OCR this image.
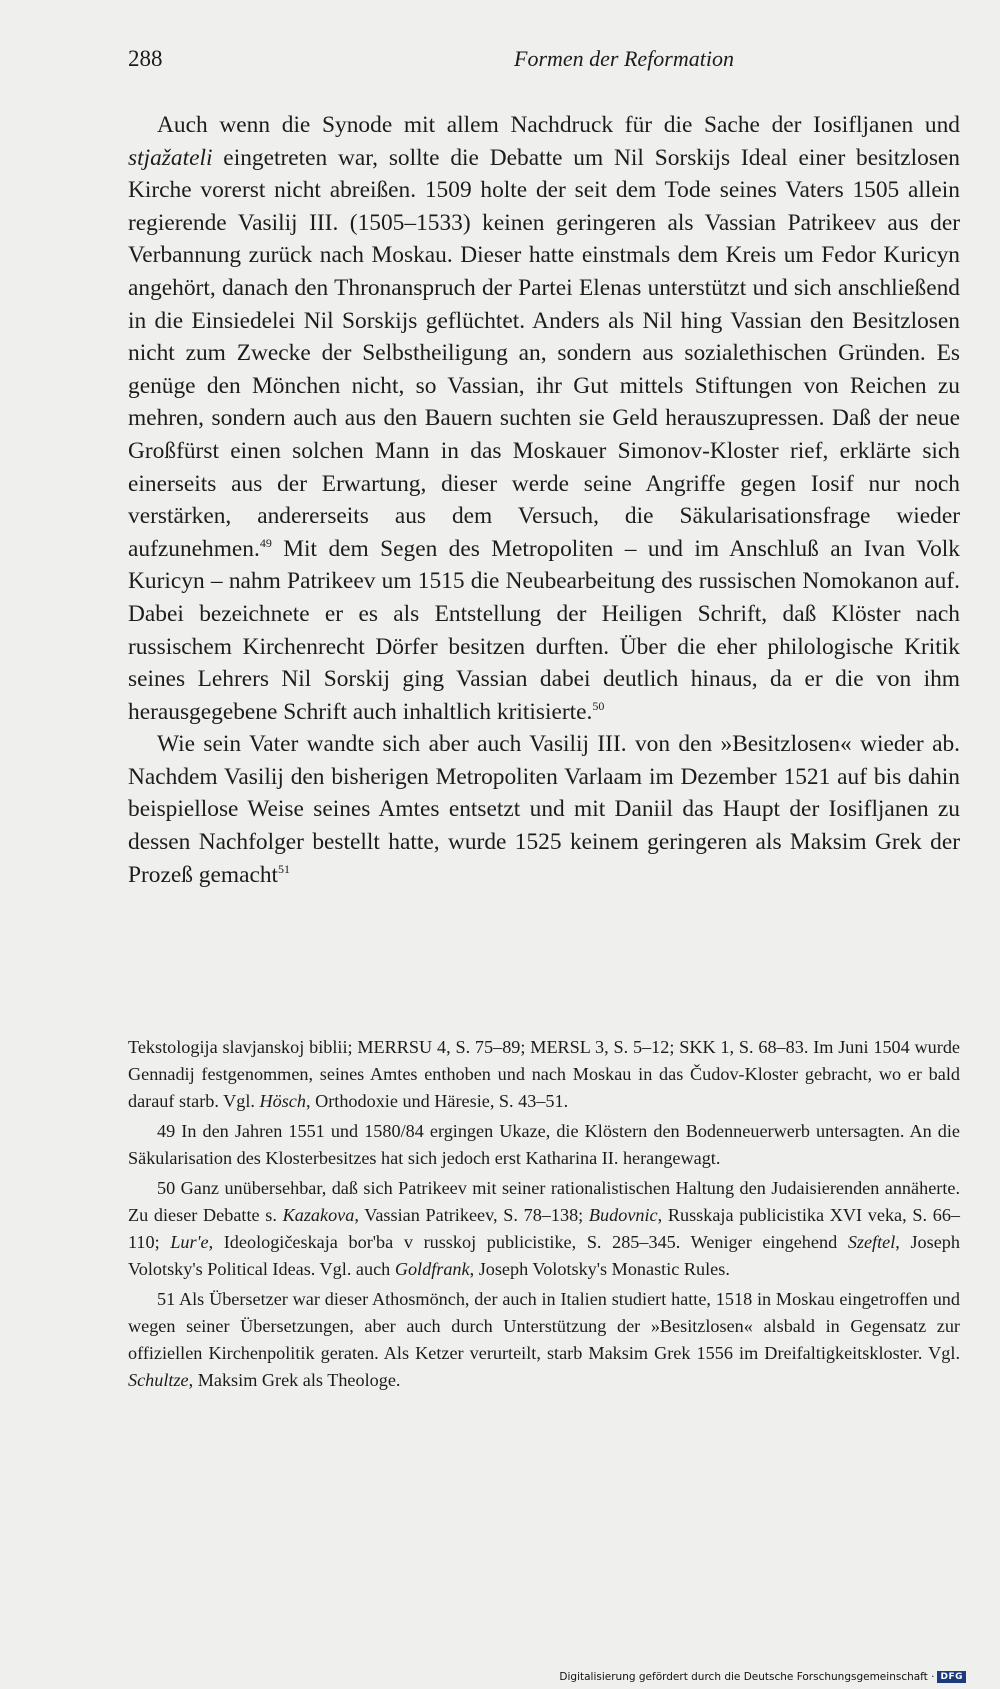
288	Formen der Reformation

Auch wenn die Synode mit allem Nachdruck für die Sache der Iosifljanen und stjažateli eingetreten war, sollte die Debatte um Nil Sorskijs Ideal einer besitzlosen Kirche vorerst nicht abreißen. 1509 holte der seit dem Tode seines Vaters 1505 allein regierende Vasilij III. (1505–1533) keinen geringeren als Vassian Patrikeev aus der Verbannung zurück nach Moskau. Dieser hatte einstmals dem Kreis um Fedor Kuricyn angehört, danach den Thronanspruch der Partei Elenas unterstützt und sich anschließend in die Einsiedelei Nil Sorskijs geflüchtet. Anders als Nil hing Vassian den Besitzlosen nicht zum Zwecke der Selbstheiligung an, sondern aus sozialethischen Gründen. Es genüge den Mönchen nicht, so Vassian, ihr Gut mittels Stiftungen von Reichen zu mehren, sondern auch aus den Bauern suchten sie Geld herauszupressen. Daß der neue Großfürst einen solchen Mann in das Moskauer Simonov-Kloster rief, erklärte sich einerseits aus der Erwartung, dieser werde seine Angriffe gegen Iosif nur noch verstärken, andererseits aus dem Versuch, die Säkularisationsfrage wieder aufzunehmen.$^{49}$ Mit dem Segen des Metropoliten – und im Anschluß an Ivan Volk Kuricyn – nahm Patrikeev um 1515 die Neubearbeitung des russischen Nomokanon auf. Dabei bezeichnete er es als Entstellung der Heiligen Schrift, daß Klöster nach russischem Kirchenrecht Dörfer besitzen durften. Über die eher philologische Kritik seines Lehrers Nil Sorskij ging Vassian dabei deutlich hinaus, da er die von ihm herausgegebene Schrift auch inhaltlich kritisierte.$^{50}$

Wie sein Vater wandte sich aber auch Vasilij III. von den »Besitzlosen« wieder ab. Nachdem Vasilij den bisherigen Metropoliten Varlaam im Dezember 1521 auf bis dahin beispiellose Weise seines Amtes entsetzt und mit Daniil das Haupt der Iosifljanen zu dessen Nachfolger bestellt hatte, wurde 1525 keinem geringeren als Maksim Grek der Prozeß gemacht$^{51}$

Tekstologija slavjanskoj biblii; MERRSU 4, S. 75–89; MERSL 3, S. 5–12; SKK 1, S. 68–83. Im Juni 1504 wurde Gennadij festgenommen, seines Amtes enthoben und nach Moskau in das Čudov-Kloster gebracht, wo er bald darauf starb. Vgl. Hösch, Orthodoxie und Häresie, S. 43–51.

49 In den Jahren 1551 und 1580/84 ergingen Ukaze, die Klöstern den Bodenneuerwerb untersagten. An die Säkularisation des Klosterbesitzes hat sich jedoch erst Katharina II. herangewagt.

50 Ganz unübersehbar, daß sich Patrikeev mit seiner rationalistischen Haltung den Judaisierenden annäherte. Zu dieser Debatte s. Kazakova, Vassian Patrikeev, S. 78–138; Budovnic, Russkaja publicistika XVI veka, S. 66–110; Lur'e, Ideologičeskaja bor'ba v russkoj publicistike, S. 285–345. Weniger eingehend Szeftel, Joseph Volotsky's Political Ideas. Vgl. auch Goldfrank, Joseph Volotsky's Monastic Rules.

51 Als Übersetzer war dieser Athosmönch, der auch in Italien studiert hatte, 1518 in Moskau eingetroffen und wegen seiner Übersetzungen, aber auch durch Unterstützung der »Besitzlosen« alsbald in Gegensatz zur offiziellen Kirchenpolitik geraten. Als Ketzer verurteilt, starb Maksim Grek 1556 im Dreifaltigkeitskloster. Vgl. Schultze, Maksim Grek als Theologe.

Digitalisierung gefördert durch die Deutsche Forschungsgemeinschaft · DFG
